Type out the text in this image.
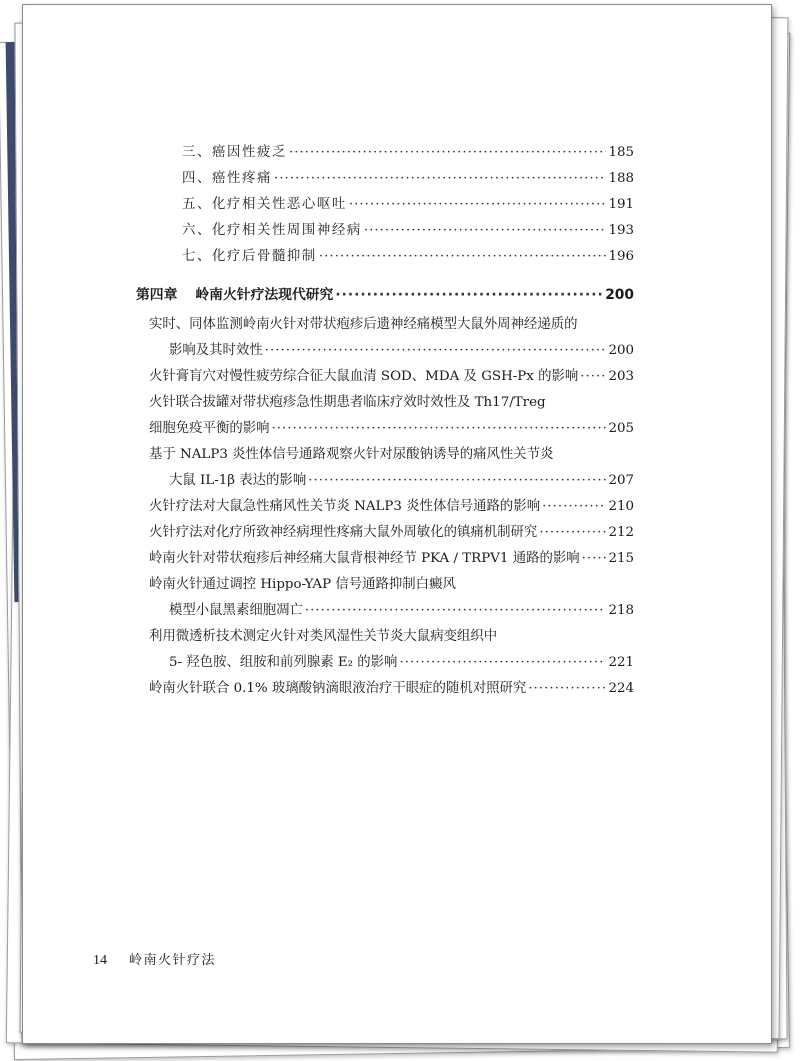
三、癌因性疲乏 ·····	185
四、癌性疼痛 ·····	188
五、化疗相关性恶心呕吐 ·····	191
六、化疗相关性周围神经病 ·····	193
七、化疗后骨髓抑制 ·····	196
第四章 岭南火针疗法现代研究 ·····	200
实时、同体监测岭南火针对带状疱疹后遗神经痛模型大鼠外周神经递质的
影响及其时效性 ·····	200
火针膏肓穴对慢性疲劳综合征大鼠血清 SOD、MDA 及 GSH-Px 的影响 ····· 203
火针联合拔罐对带状疱疹急性期患者临床疗效时效性及 Th17/Treg
细胞免疫平衡的影响 ·····	205
基于 NALP3 炎性体信号通路观察火针对尿酸钠诱导的痛风性关节炎
大鼠 IL-1β 表达的影响 ·····	207
火针疗法对大鼠急性痛风性关节炎 NALP3 炎性体信号通路的影响 ·····	210
火针疗法对化疗所致神经病理性疼痛大鼠外周敏化的镇痛机制研究 ·····	212
岭南火针对带状疱疹后神经痛大鼠背根神经节 PKA / TRPV1 通路的影响 ····· 215
岭南火针通过调控 Hippo-YAP 信号通路抑制白癜风
模型小鼠黑素细胞凋亡 ·····	218
利用微透析技术测定火针对类风湿性关节炎大鼠病变组织中
5- 羟色胺、组胺和前列腺素 E₂ 的影响 ·····	221
岭南火针联合 0.1% 玻璃酸钠滴眼液治疗干眼症的随机对照研究 ·····	224
14 岭南火针疗法
